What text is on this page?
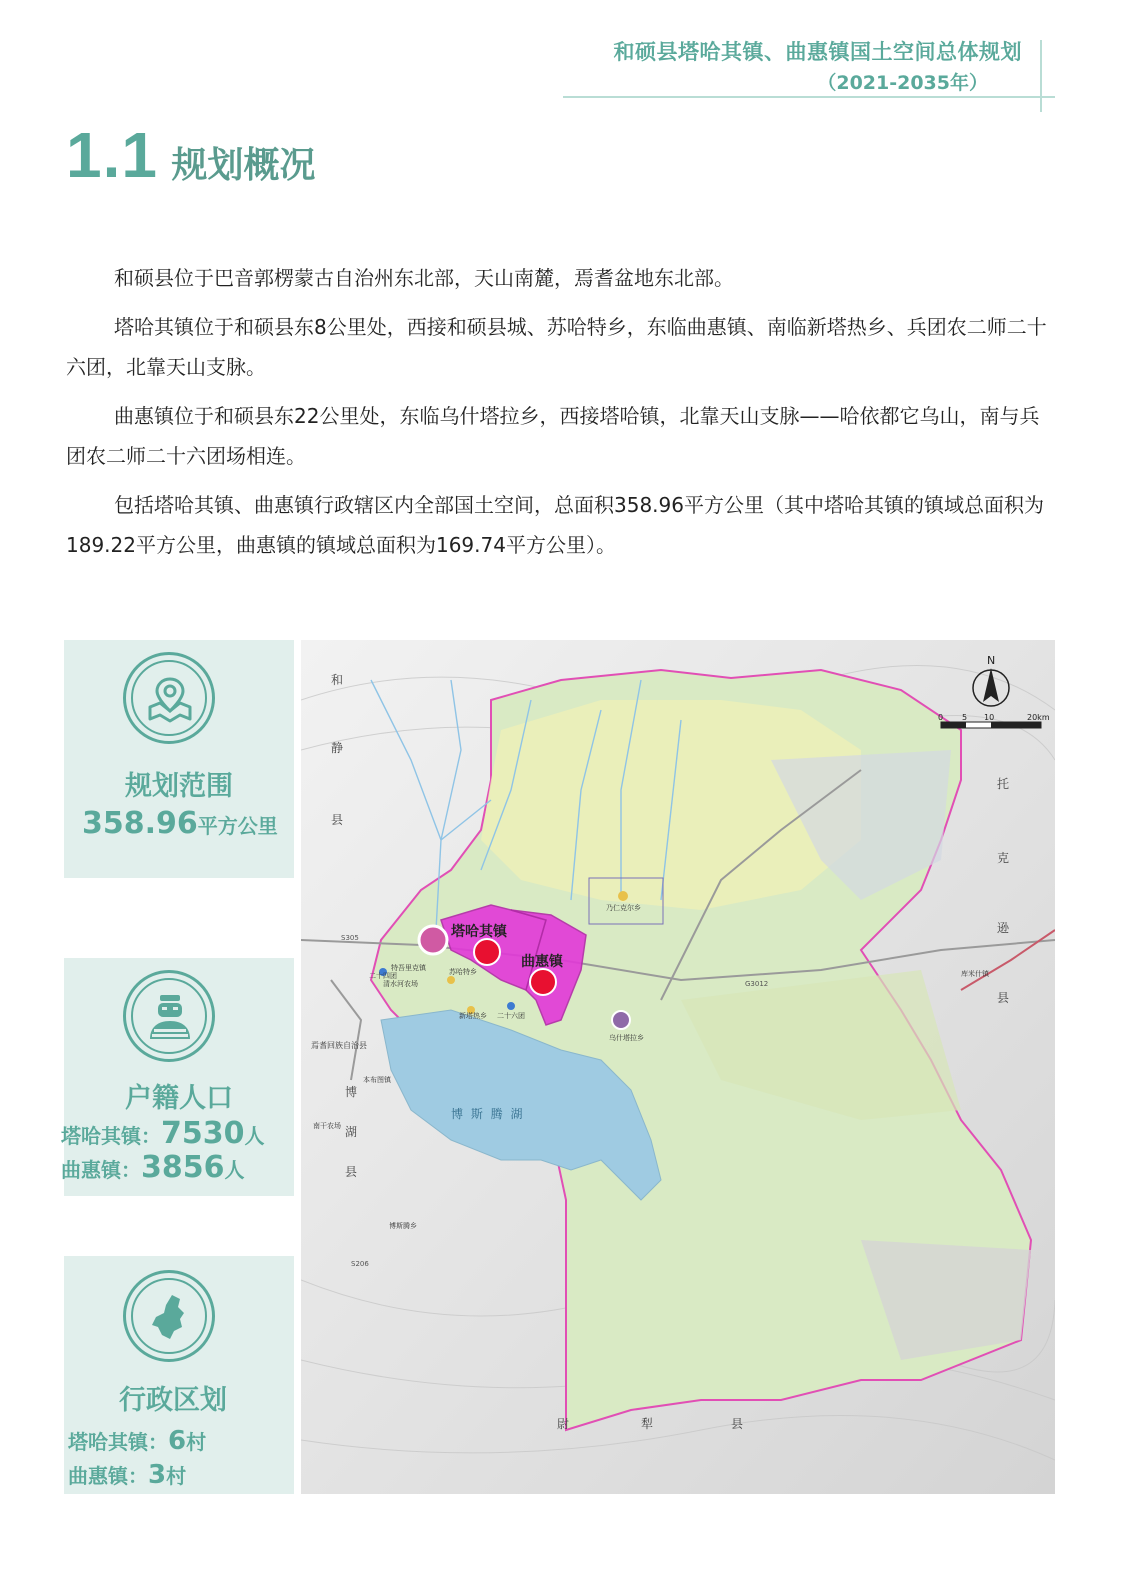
和硕县塔哈其镇、曲惠镇国土空间总体规划
（2021-2035年）
1.1 规划概况

和硕县位于巴音郭楞蒙古自治州东北部，天山南麓，焉耆盆地东北部。

塔哈其镇位于和硕县东8公里处，西接和硕县城、苏哈特乡，东临曲惠镇、南临新塔热乡、兵团农二师二十六团，北靠天山支脉。

曲惠镇位于和硕县东22公里处，东临乌什塔拉乡，西接塔哈镇，北靠天山支脉——哈依都它乌山，南与兵团农二师二十六团场相连。

包括塔哈其镇、曲惠镇行政辖区内全部国土空间，总面积358.96平方公里（其中塔哈其镇的镇域总面积为189.22平方公里，曲惠镇的镇域总面积为169.74平方公里）。

规划范围
358.96平方公里
户籍人口
塔哈其镇：7530人
曲惠镇：3856人
行政区划
塔哈其镇：6村
曲惠镇：3村
N
0 5 10	20km
塔哈其镇
曲惠镇
和
静
县
托
克
逊
县
博
湖
县
尉	犁	县
博 斯 腾 湖
乃仁克尔乡
乌什塔拉乡
二十六团
二十四团
新塔热乡
清水河农场
苏哈特乡
特吾里克镇
焉耆回族自治县
库米什镇
本布图镇
南干农场
博斯腾乡
S305
G3012
S206
